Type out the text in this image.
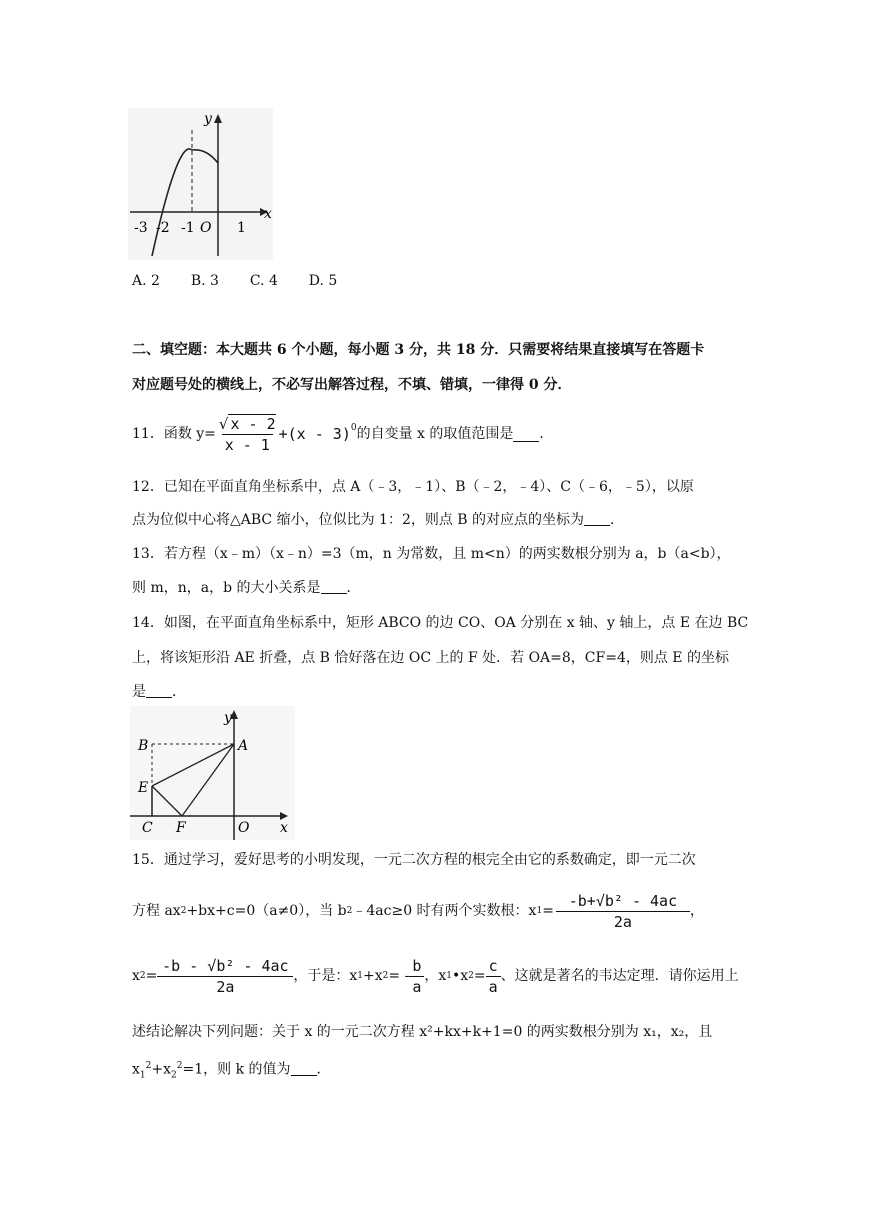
y
x
-3 -2 -1 O 1
A. 2 B. 3 C. 4 D. 5
二、填空题：本大题共 6 个小题，每小题 3 分，共 18 分．只需要将结果直接填写在答题卡
对应题号处的横线上，不必写出解答过程，不填、错填，一律得 0 分．
11．函数 $y= \frac{√ x - 2}{x - 1} +(x - 3)^0$ 的自变量 x 的取值范围是 ．
12．已知在平面直角坐标系中，点 A（﹣3，﹣1）、B（﹣2，﹣4）、C（﹣6，﹣5），以原
点为位似中心将△ABC 缩小，位似比为 1：2，则点 B 的对应点的坐标为 ．
13．若方程（x﹣m）（x﹣n）=3（m，n 为常数，且 m<n）的两实数根分别为 a，b（a<b），
则 m，n，a，b 的大小关系是 ．
14．如图，在平面直角坐标系中，矩形 ABCO 的边 CO、OA 分别在 x 轴、y 轴上，点 E 在边 BC
上，将该矩形沿 AE 折叠，点 B 恰好落在边 OC 上的 F 处．若 OA=8，CF=4，则点 E 的坐标
是 ．
y
x
B	A
E
C F	O
15．通过学习，爱好思考的小明发现，一元二次方程的根完全由它的系数确定，即一元二次
方程 ax 2 +bx+c=0（a≠0），当 b 2 ﹣4ac≥0 时有两个实数根：x $1 = \frac{\text{-b+√b² - 4ac}}{2a}$ ，
x $2 = \frac{\text{-b - √b² - 4ac}}{2a}$ ，于是：x 1 +x 2 = - $\frac{b}{a}$ ，x 1 •x $2 = \frac{c}{a}$ 、这就是著名的韦达定理．请你运用上
述结论解决下列问题：关于 x 的一元二次方程 x²+kx+k+1=0 的两实数根分别为 x₁，x₂，且
$x_1^2+x_2^2=1$，则 k 的值为 ．
